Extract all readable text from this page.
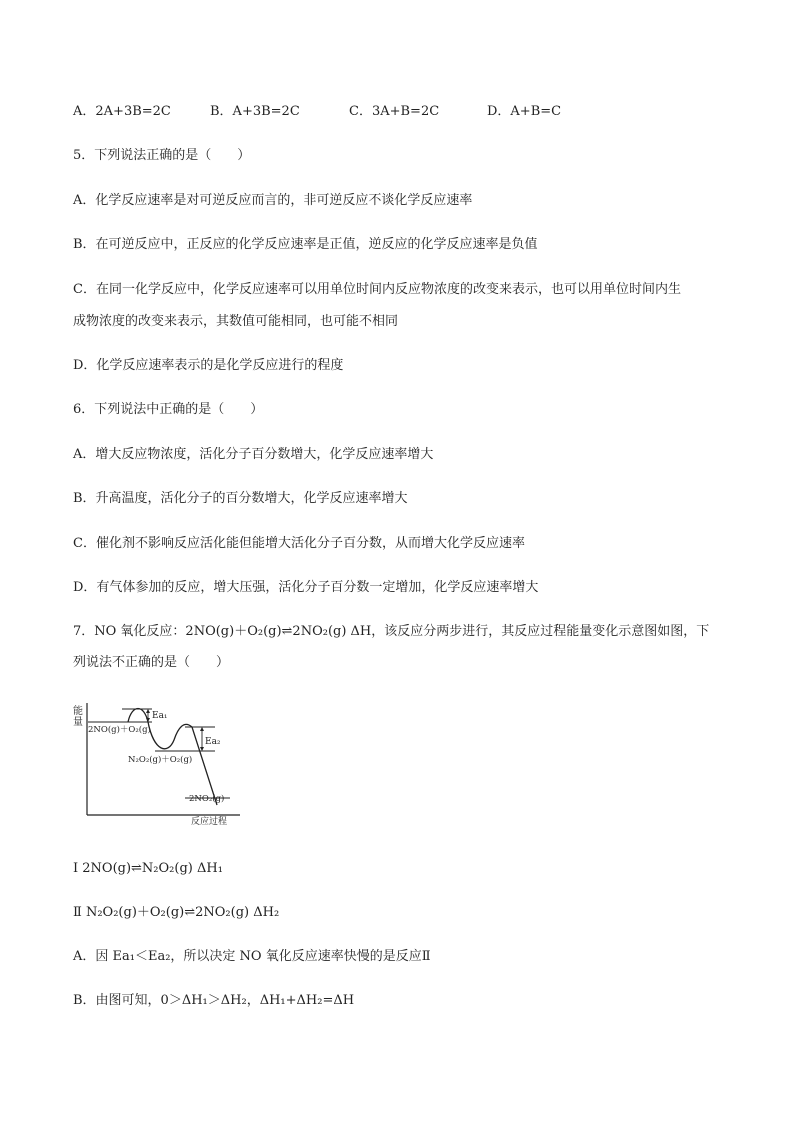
A．2A+3B=2C	B．A+3B=2C	C．3A+B=2C	D．A+B=C
5．下列说法正确的是（　　）
A．化学反应速率是对可逆反应而言的，非可逆反应不谈化学反应速率
B．在可逆反应中，正反应的化学反应速率是正值，逆反应的化学反应速率是负值
C．在同一化学反应中，化学反应速率可以用单位时间内反应物浓度的改变来表示，也可以用单位时间内生
成物浓度的改变来表示，其数值可能相同，也可能不相同
D．化学反应速率表示的是化学反应进行的程度
6．下列说法中正确的是（　　）
A．增大反应物浓度，活化分子百分数增大，化学反应速率增大
B．升高温度，活化分子的百分数增大，化学反应速率增大
C．催化剂不影响反应活化能但能增大活化分子百分数，从而增大化学反应速率
D．有气体参加的反应，增大压强，活化分子百分数一定增加，化学反应速率增大
7．NO 氧化反应：2NO(g)＋O₂(g)⇌2NO₂(g) ΔH，该反应分两步进行，其反应过程能量变化示意图如图，下
列说法不正确的是（　　）
能
量
反应过程
Ea₁
Ea₂
2NO(g)＋O₂(g)
N₂O₂(g)＋O₂(g)
2NO₂(g)
Ⅰ 2NO(g)⇌N₂O₂(g) ΔH₁
Ⅱ N₂O₂(g)＋O₂(g)⇌2NO₂(g) ΔH₂
A．因 Ea₁＜Ea₂，所以决定 NO 氧化反应速率快慢的是反应Ⅱ
B．由图可知，0＞ΔH₁＞ΔH₂，ΔH₁+ΔH₂=ΔH
